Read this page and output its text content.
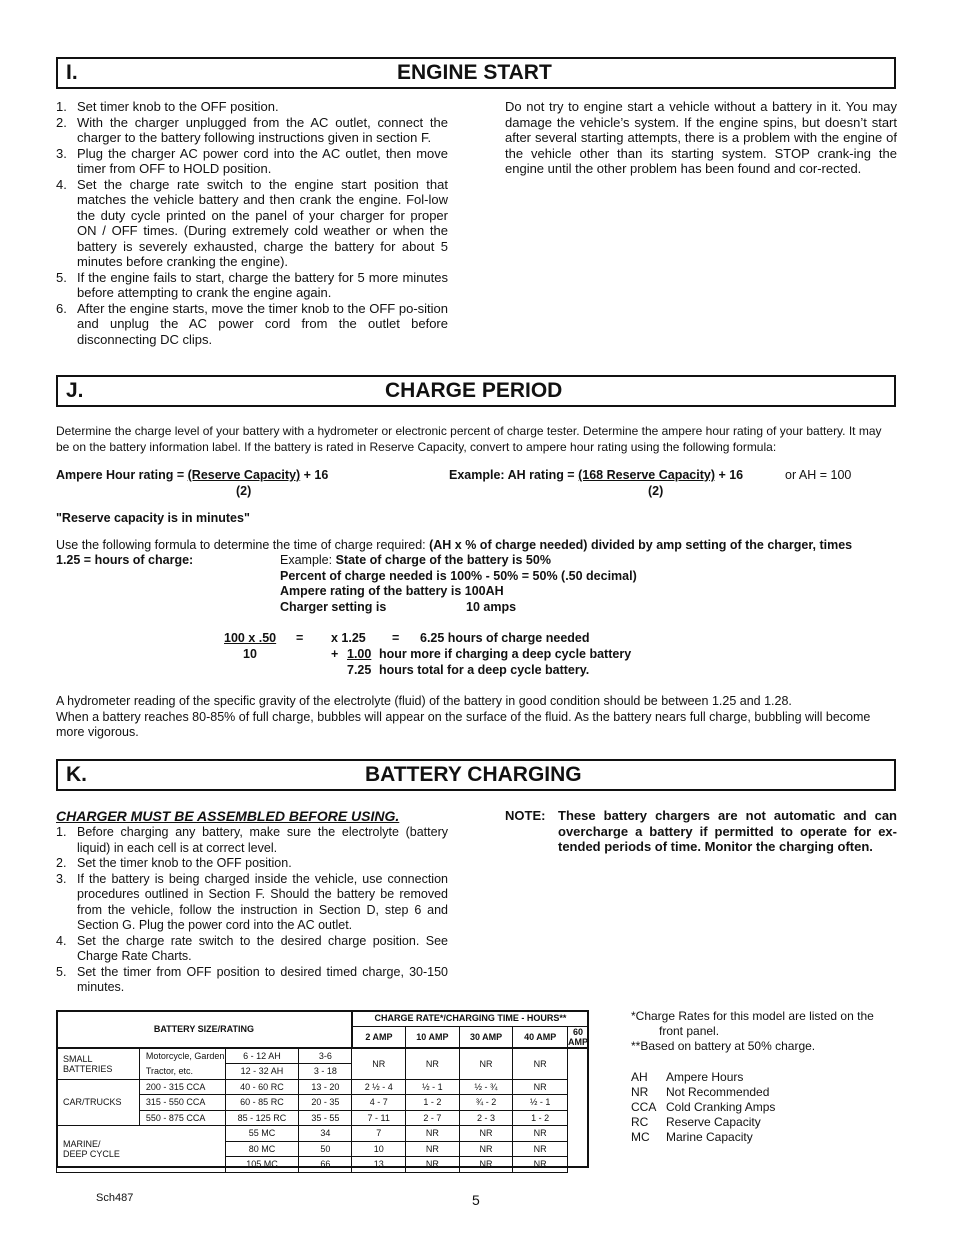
I.	ENGINE START
1. Set timer knob to the OFF position.
2. With the charger unplugged from the AC outlet, connect the charger to the battery following instructions given in section F.
3. Plug the charger AC power cord into the AC outlet, then move timer from OFF to HOLD position.
4. Set the charge rate switch to the engine start position that matches the vehicle battery and then crank the engine. Fol-low the duty cycle printed on the panel of your charger for proper ON / OFF times. (During extremely cold weather or when the battery is severely exhausted, charge the battery for about 5 minutes before cranking the engine).
5. If the engine fails to start, charge the battery for 5 more minutes before attempting to crank the engine again.
6. After the engine starts, move the timer knob to the OFF po-sition and unplug the AC power cord from the outlet before disconnecting DC clips.
Do not try to engine start a vehicle without a battery in it. You may damage the vehicle’s system. If the engine spins, but doesn’t start after several starting attempts, there is a problem with the engine of the vehicle other than its starting system. STOP crank-ing the engine until the other problem has been found and cor-rected.
J.	CHARGE PERIOD
Determine the charge level of your battery with a hydrometer or electronic percent of charge tester. Determine the ampere hour rating of your battery. It may be on the battery information label. If the battery is rated in Reserve Capacity, convert to ampere hour rating using the following formula:
Ampere Hour rating = (Reserve Capacity) + 16
(2)
Example: AH rating = (168 Reserve Capacity) + 16
(2)
or AH = 100
"Reserve capacity is in minutes"
Use the following formula to determine the time of charge required: (AH x % of charge needed) divided by amp setting of the charger, times
1.25 = hours of charge:	Example: State of charge of the battery is 50%
Percent of charge needed is 100% - 50% = 50% (.50 decimal)
Ampere rating of the battery is 100AH
Charger setting is	10 amps
100 x .50
10
= x 1.25 = 6.25 hours of charge needed
+ 1.00 hour more if charging a deep cycle battery
7.25 hours total for a deep cycle battery.
A hydrometer reading of the specific gravity of the electrolyte (fluid) of the battery in good condition should be between 1.25 and 1.28.
When a battery reaches 80-85% of full charge, bubbles will appear on the surface of the fluid. As the battery nears full charge, bubbling will become more vigorous.
K.	BATTERY CHARGING
CHARGER MUST BE ASSEMBLED BEFORE USING.
1. Before charging any battery, make sure the electrolyte (battery liquid) in each cell is at correct level.
2. Set the timer knob to the OFF position.
3. If the battery is being charged inside the vehicle, use connection procedures outlined in Section F. Should the battery be removed from the vehicle, follow the instruction in Section D, step 6 and Section G. Plug the power cord into the AC outlet.
4. Set the charge rate switch to the desired charge position. See Charge Rate Charts.
5. Set the timer from OFF position to desired timed charge, 30-150 minutes.
NOTE: These battery chargers are not automatic and can overcharge a battery if permitted to operate for ex-tended periods of time. Monitor the charging often.
BATTERY SIZE/RATING				CHARGE RATE*/CHARGING TIME - HOURS**				
				2 AMP	10 AMP	30 AMP	40 AMP	60 AMP
SMALL BATTERIES	Motorcycle, Garden	6 - 12 AH	3-6	NR	NR	NR	NR	
	Tractor, etc.	12 - 32 AH	3 - 18					
CAR/TRUCKS	200 - 315 CCA	40 - 60 RC	13 - 20	2 ½ - 4	½ - 1	½ - ¾	NR	
	315 - 550 CCA	60 - 85 RC	20 - 35	4 - 7	1 - 2	¾ - 2	½ - 1	
	550 - 875 CCA	85 - 125 RC	35 - 55	7 - 11	2 - 7	2 - 3	1 - 2	

MARINE/
DEEP CYCLE		55 MC	34	7	NR	NR	NR	
		80 MC	50	10	NR	NR	NR	
		105 MC	66	13	NR	NR	NR	
*Charge Rates for this model are listed on the
front panel.
**Based on battery at 50% charge.
AH Ampere Hours
NR Not Recommended
CCA Cold Cranking Amps
RC Reserve Capacity
MC Marine Capacity
Sch487	5
